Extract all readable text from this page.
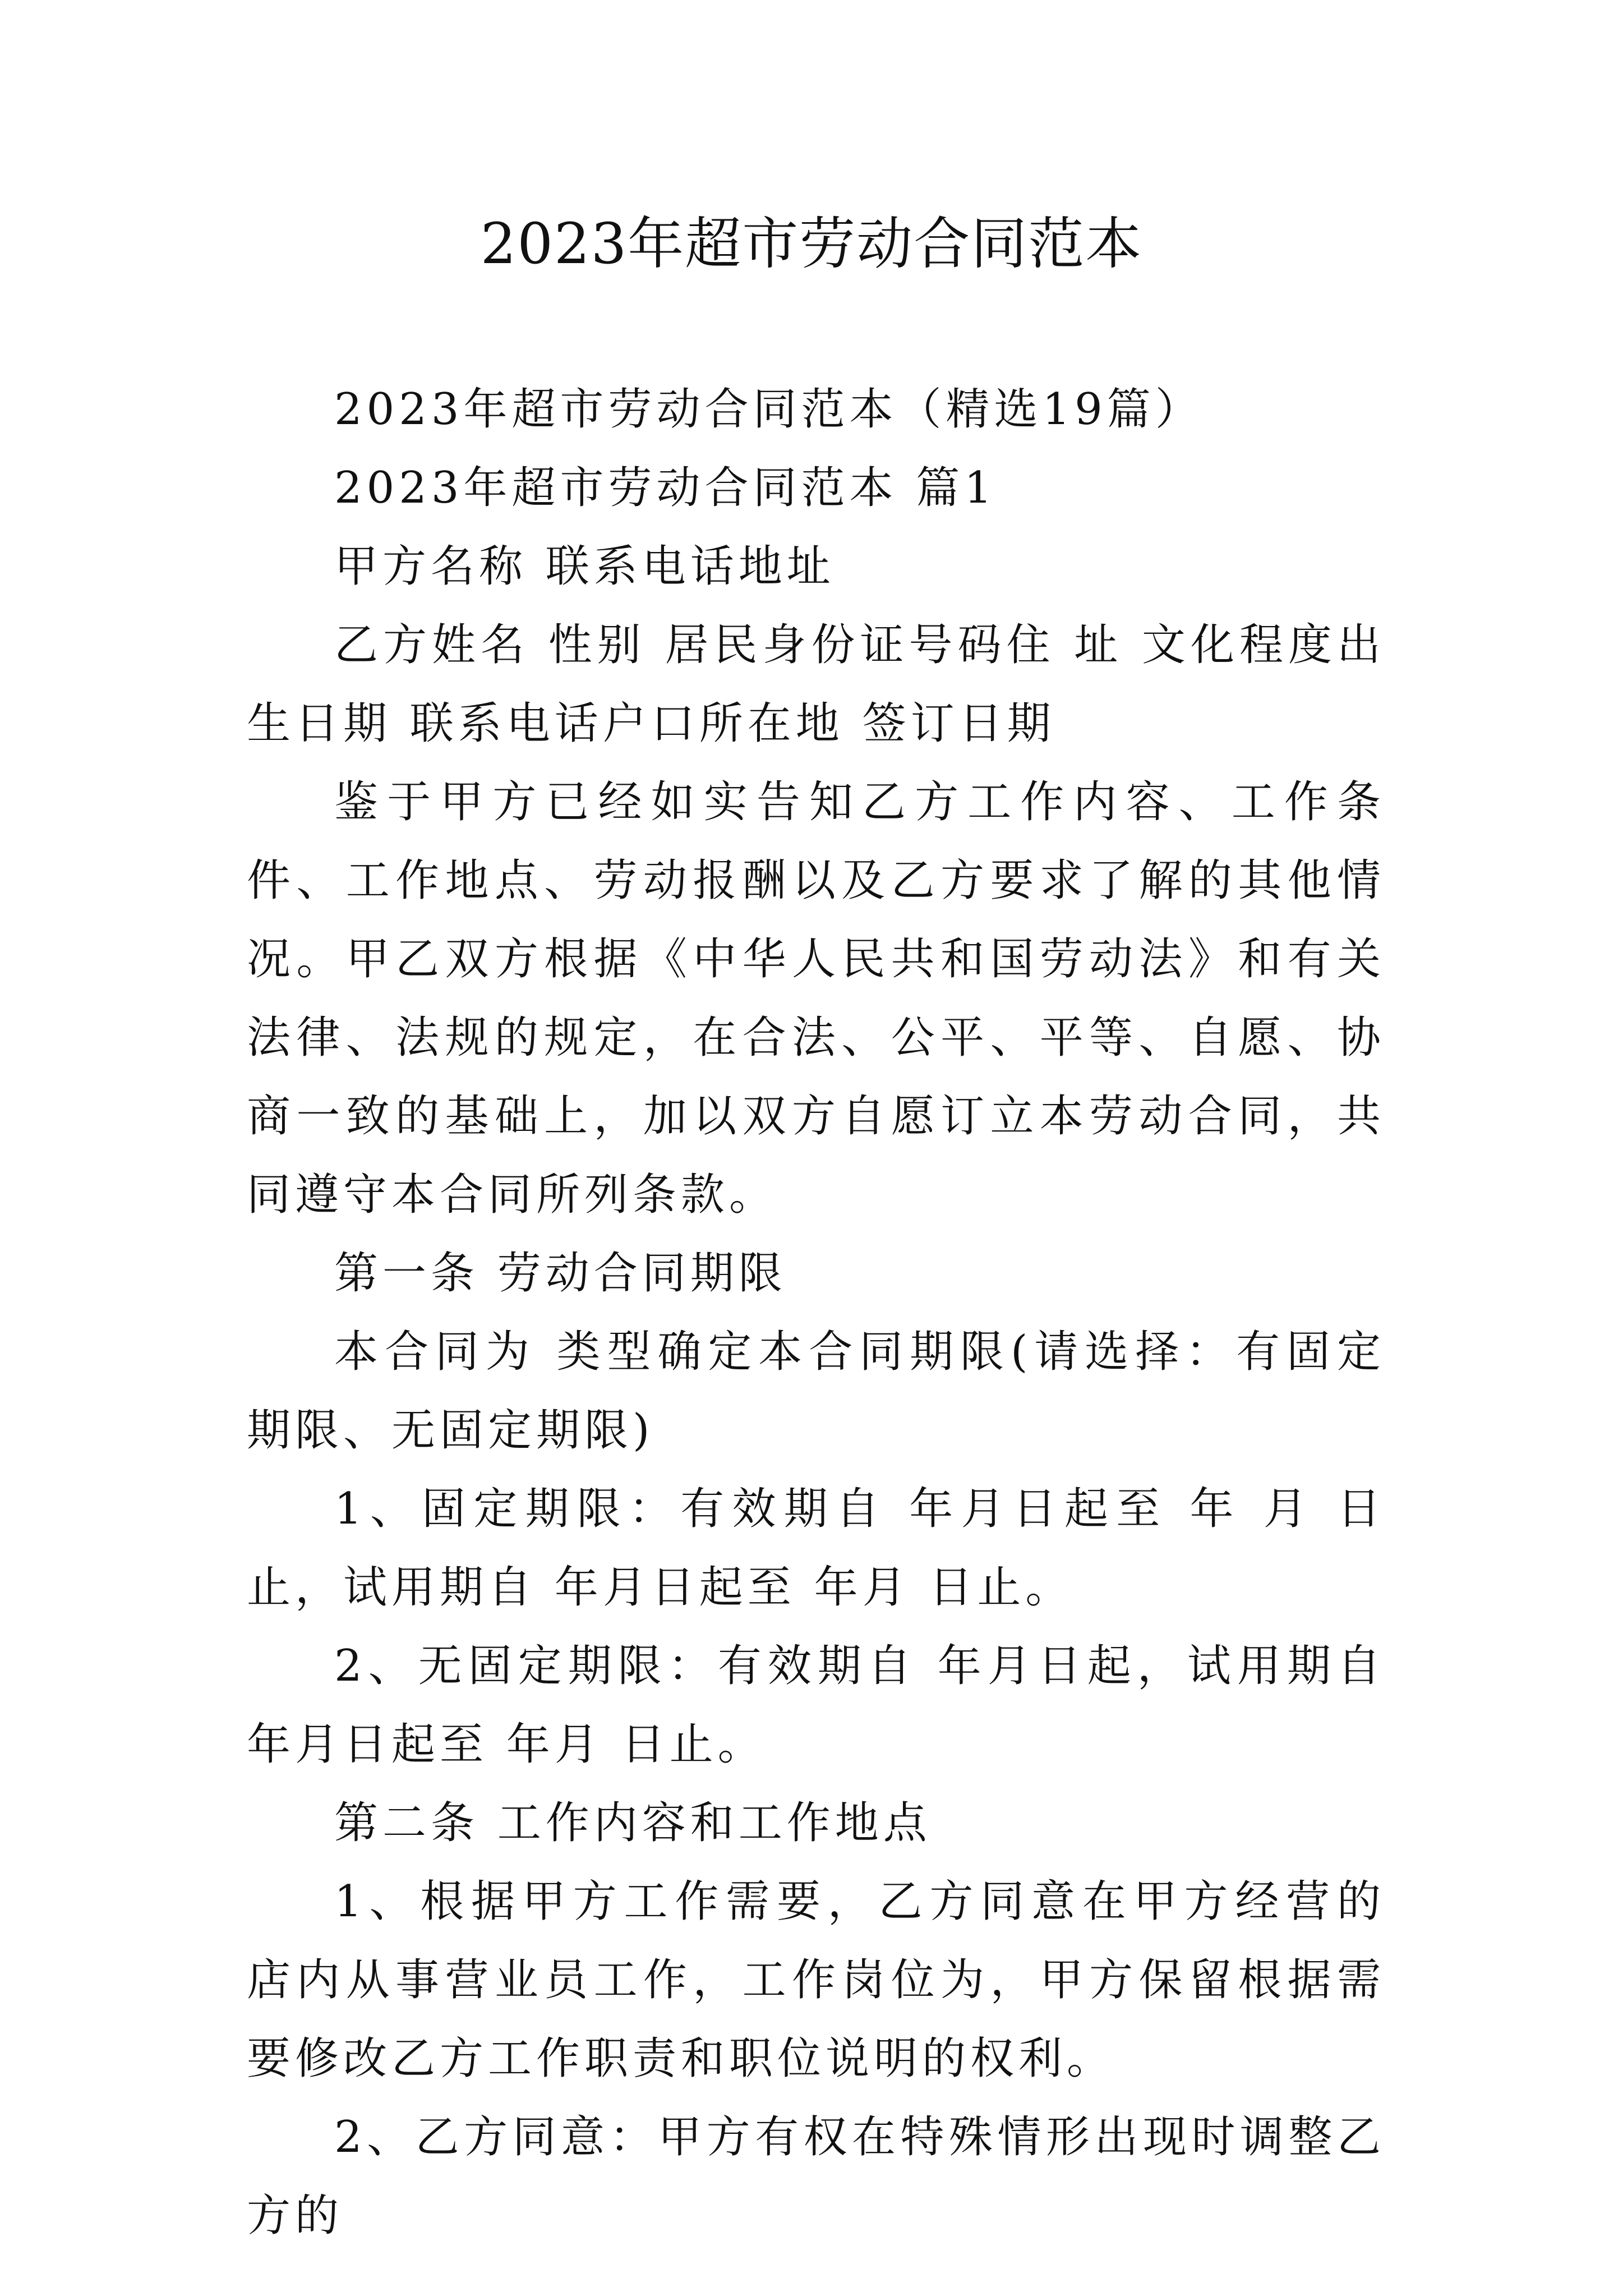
2023年超市劳动合同范本

2023年超市劳动合同范本（精选19篇）

2023年超市劳动合同范本 篇1

甲方名称 联系电话地址

乙方姓名 性别 居民身份证号码住 址 文化程度出生日期 联系电话户口所在地 签订日期

鉴于甲方已经如实告知乙方工作内容、工作条件、工作地点、劳动报酬以及乙方要求了解的其他情况。甲乙双方根据《中华人民共和国劳动法》和有关法律、法规的规定，在合法、公平、平等、自愿、协商一致的基础上，加以双方自愿订立本劳动合同，共同遵守本合同所列条款。

第一条 劳动合同期限

本合同为 类型确定本合同期限(请选择：有固定期限、无固定期限)

1、固定期限：有效期自 年月日起至 年 月 日止，试用期自 年月日起至 年月 日止。

2、无固定期限：有效期自 年月日起，试用期自 年月日起至 年月 日止。

第二条 工作内容和工作地点

1、根据甲方工作需要，乙方同意在甲方经营的 店内从事营业员工作，工作岗位为，甲方保留根据需要修改乙方工作职责和职位说明的权利。

2、乙方同意：甲方有权在特殊情形出现时调整乙方的
